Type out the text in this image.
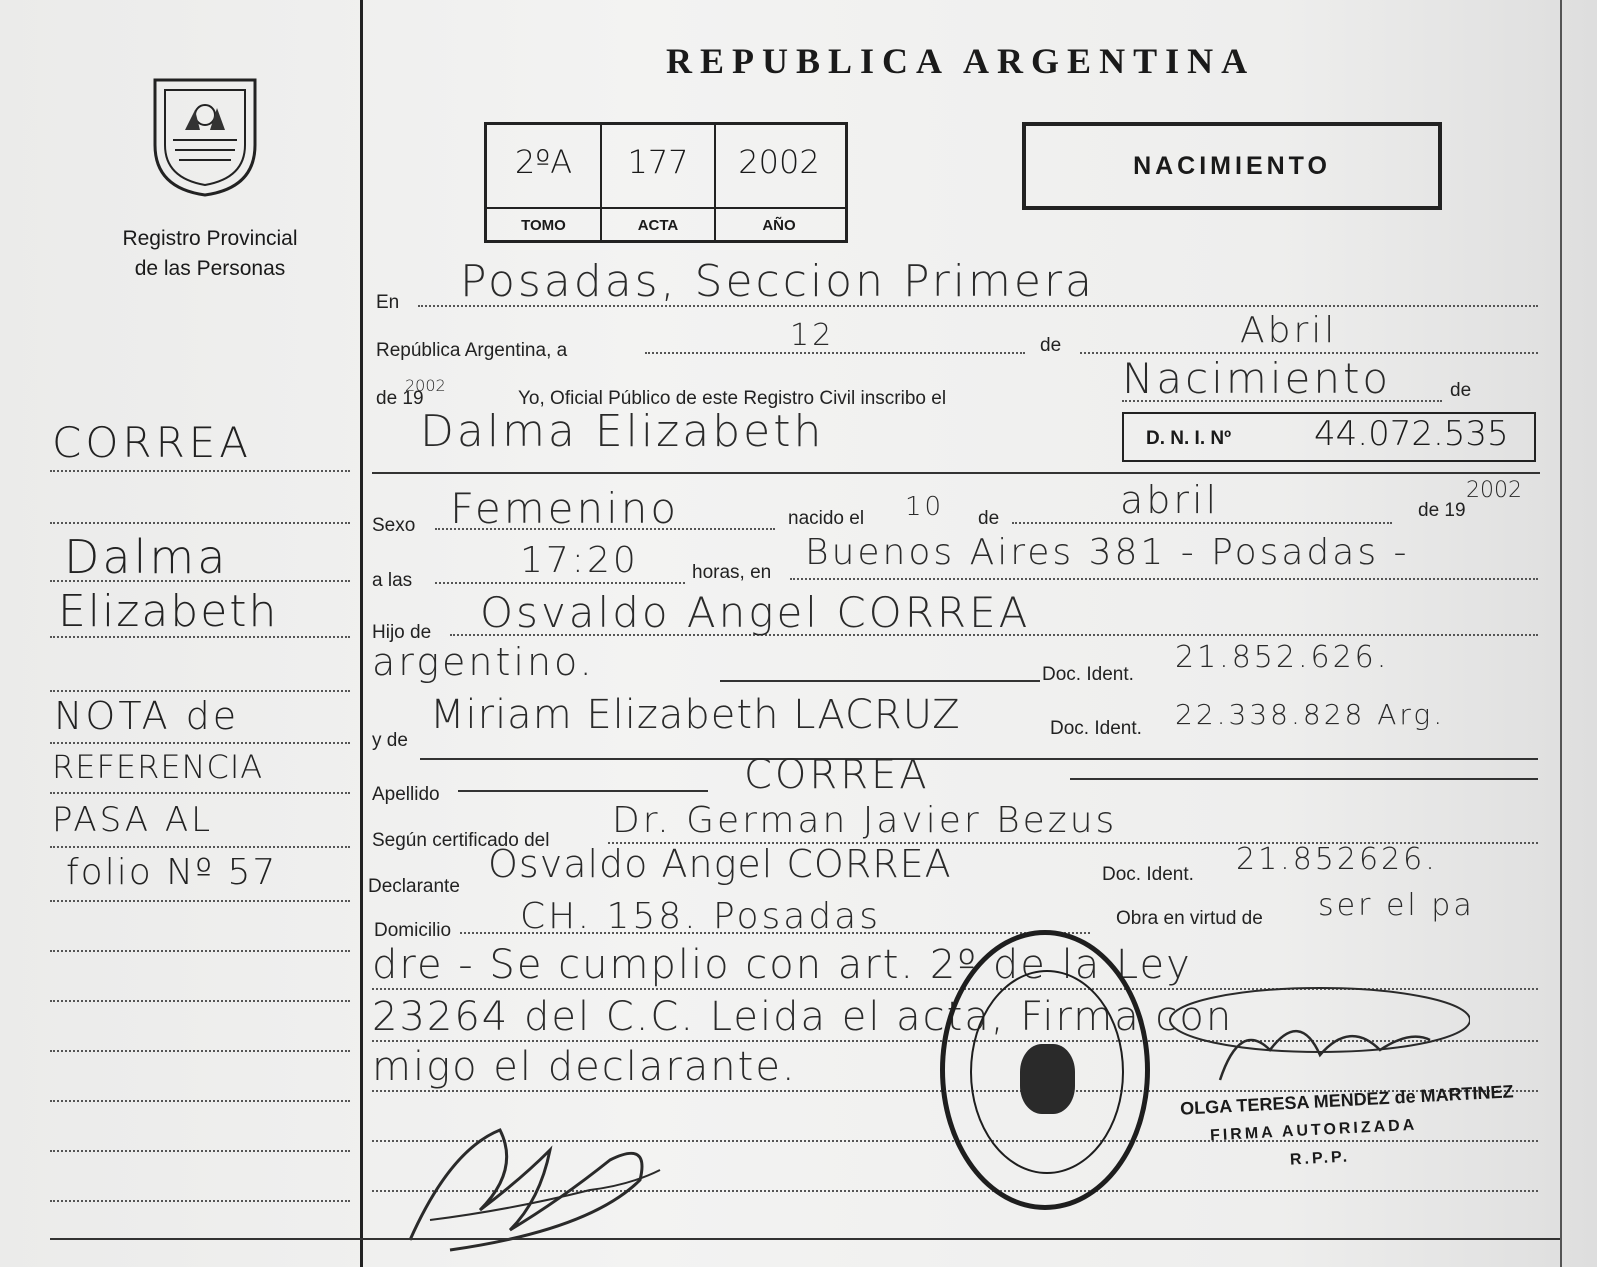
Registro Provincial
de las Personas
REPUBLICA ARGENTINA
2ºA	177	2002
TOMO	ACTA	AÑO
NACIMIENTO
En Posadas, Seccion Primera
República Argentina, a	12	de	Abril
de 19
2002
Yo, Oficial Público de este Registro Civil inscribo el	Nacimiento	de
Dalma Elizabeth	D. N. I. Nº 44.072.535
Sexo Femenino	nacido el 10 de	abril	de 19
2002
a las	17:20	horas, en Buenos Aires 381 - Posadas -
Hijo de Osvaldo Angel CORREA
argentino.	Doc. Ident. 21.852.626.
y de
Miriam Elizabeth LACRUZ	Doc. Ident. 22.338.828 Arg.
Apellido	CORREA
Según certificado del Dr. German Javier Bezus
Declarante
Osvaldo Angel CORREA	Doc. Ident. 21.852626.
Domicilio CH. 158. Posadas	Obra en virtud de ser el pa
dre - Se cumplio con art. 2º de la Ley
23264 del C.C. Leida el acta, Firma con
migo el declarante.
OLGA TERESA MENDEZ de MARTINEZ
FIRMA AUTORIZADA
R.P.P.
CORREA
Dalma
Elizabeth
NOTA de
REFERENCIA
PASA AL
folio Nº 57
